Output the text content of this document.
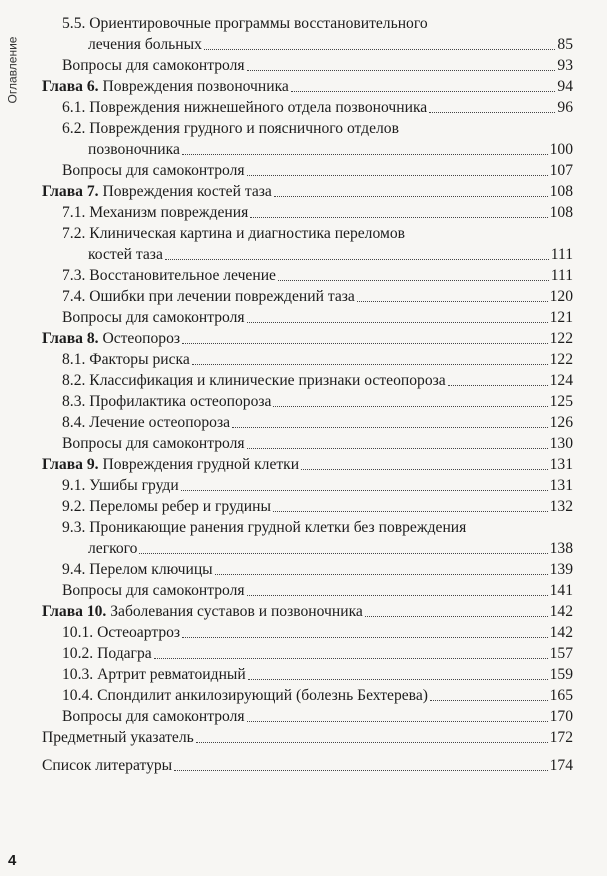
Оглавление
5.5. Ориентировочные программы восстановительного
лечения больных	85
Вопросы для самоконтроля	93
Глава 6. Повреждения позвоночника	94
6.1. Повреждения нижнешейного отдела позвоночника	96
6.2. Повреждения грудного и поясничного отделов
позвоночника	100
Вопросы для самоконтроля	107
Глава 7. Повреждения костей таза	108
7.1. Механизм повреждения	108
7.2. Клиническая картина и диагностика переломов
костей таза	111
7.3. Восстановительное лечение	111
7.4. Ошибки при лечении повреждений таза	120
Вопросы для самоконтроля	121
Глава 8. Остеопороз	122
8.1. Факторы риска	122
8.2. Классификация и клинические признаки остеопороза	124
8.3. Профилактика остеопороза	125
8.4. Лечение остеопороза	126
Вопросы для самоконтроля	130
Глава 9. Повреждения грудной клетки	131
9.1. Ушибы груди	131
9.2. Переломы ребер и грудины	132
9.3. Проникающие ранения грудной клетки без повреждения
легкого	138
9.4. Перелом ключицы	139
Вопросы для самоконтроля	141
Глава 10. Заболевания суставов и позвоночника	142
10.1. Остеоартроз	142
10.2. Подагра	157
10.3. Артрит ревматоидный	159
10.4. Спондилит анкилозирующий (болезнь Бехтерева)	165
Вопросы для самоконтроля	170
Предметный указатель	172
Список литературы	174
4
